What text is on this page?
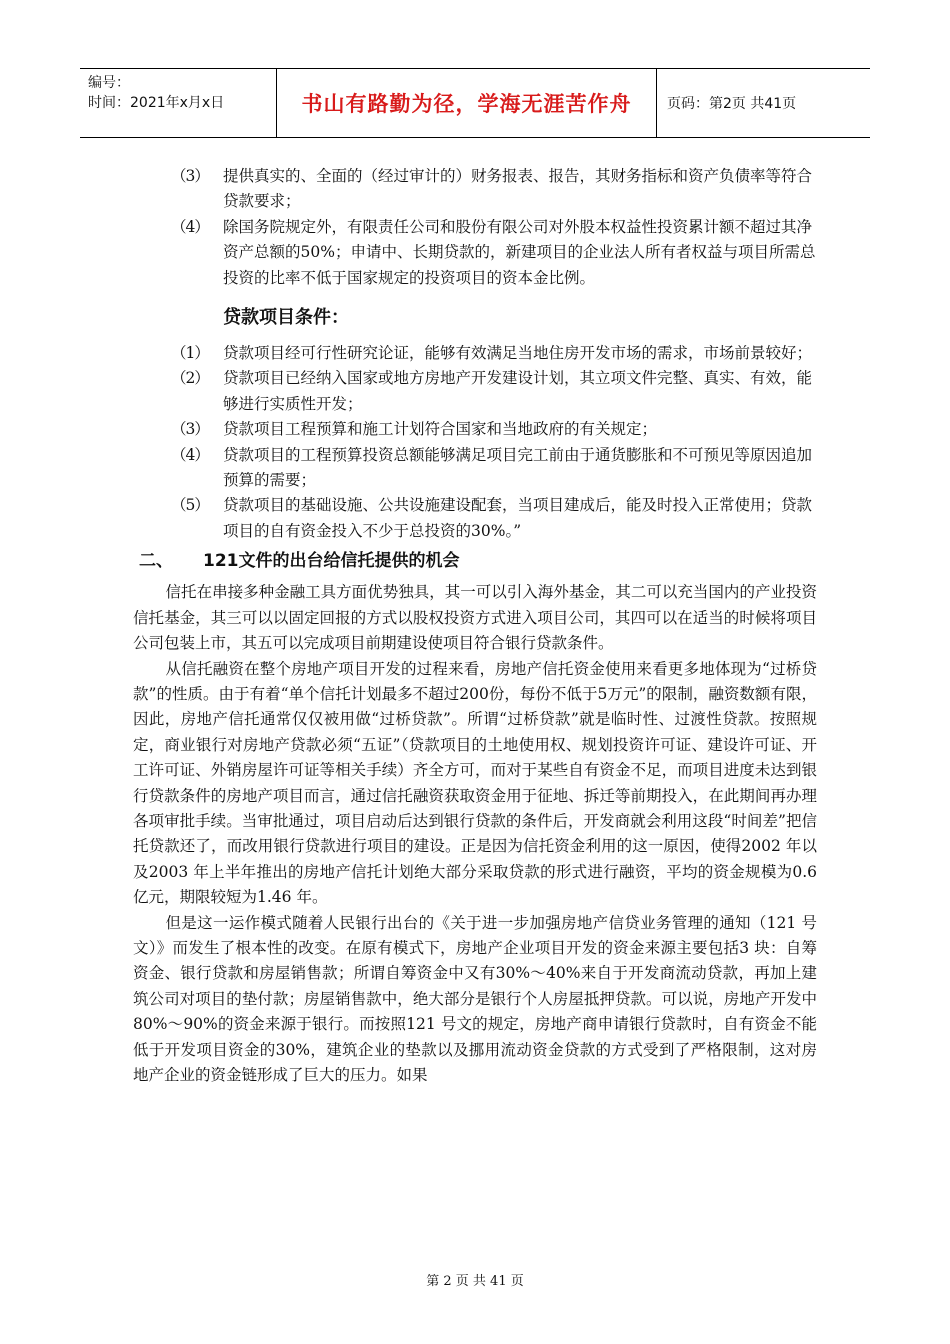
编号：
时间：2021年x月x日	书山有路勤为径，学海无涯苦作舟	页码：第2页 共41页
（3） 提供真实的、全面的（经过审计的）财务报表、报告，其财务指标和资产负债率等符合贷款要求；
（4） 除国务院规定外，有限责任公司和股份有限公司对外股本权益性投资累计额不超过其净资产总额的50%；申请中、长期贷款的，新建项目的企业法人所有者权益与项目所需总投资的比率不低于国家规定的投资项目的资本金比例。
贷款项目条件：
（1） 贷款项目经可行性研究论证，能够有效满足当地住房开发市场的需求，市场前景较好；
（2） 贷款项目已经纳入国家或地方房地产开发建设计划，其立项文件完整、真实、有效，能够进行实质性开发；
（3） 贷款项目工程预算和施工计划符合国家和当地政府的有关规定；
（4） 贷款项目的工程预算投资总额能够满足项目完工前由于通货膨胀和不可预见等原因追加预算的需要；
（5） 贷款项目的基础设施、公共设施建设配套，当项目建成后，能及时投入正常使用；贷款项目的自有资金投入不少于总投资的30%。”
二、	121文件的出台给信托提供的机会

信托在串接多种金融工具方面优势独具，其一可以引入海外基金，其二可以充当国内的产业投资信托基金，其三可以以固定回报的方式以股权投资方式进入项目公司，其四可以在适当的时候将项目公司包装上市，其五可以完成项目前期建设使项目符合银行贷款条件。

从信托融资在整个房地产项目开发的过程来看，房地产信托资金使用来看更多地体现为“过桥贷款”的性质。由于有着“单个信托计划最多不超过200份，每份不低于5万元”的限制，融资数额有限，因此，房地产信托通常仅仅被用做“过桥贷款”。所谓“过桥贷款”就是临时性、过渡性贷款。按照规定，商业银行对房地产贷款必须“五证”（贷款项目的土地使用权、规划投资许可证、建设许可证、开工许可证、外销房屋许可证等相关手续）齐全方可，而对于某些自有资金不足，而项目进度未达到银行贷款条件的房地产项目而言，通过信托融资获取资金用于征地、拆迁等前期投入，在此期间再办理各项审批手续。当审批通过，项目启动后达到银行贷款的条件后，开发商就会利用这段“时间差”把信托贷款还了，而改用银行贷款进行项目的建设。正是因为信托资金利用的这一原因，使得2002 年以及2003 年上半年推出的房地产信托计划绝大部分采取贷款的形式进行融资，平均的资金规模为0.6 亿元，期限较短为1.46 年。

但是这一运作模式随着人民银行出台的《关于进一步加强房地产信贷业务管理的通知（121 号文）》而发生了根本性的改变。在原有模式下，房地产企业项目开发的资金来源主要包括3 块：自筹资金、银行贷款和房屋销售款；所谓自筹资金中又有30%～40%来自于开发商流动贷款，再加上建筑公司对项目的垫付款；房屋销售款中，绝大部分是银行个人房屋抵押贷款。可以说，房地产开发中80%～90%的资金来源于银行。而按照121 号文的规定，房地产商申请银行贷款时，自有资金不能低于开发项目资金的30%，建筑企业的垫款以及挪用流动资金贷款的方式受到了严格限制，这对房地产企业的资金链形成了巨大的压力。如果

第 2 页 共 41 页
